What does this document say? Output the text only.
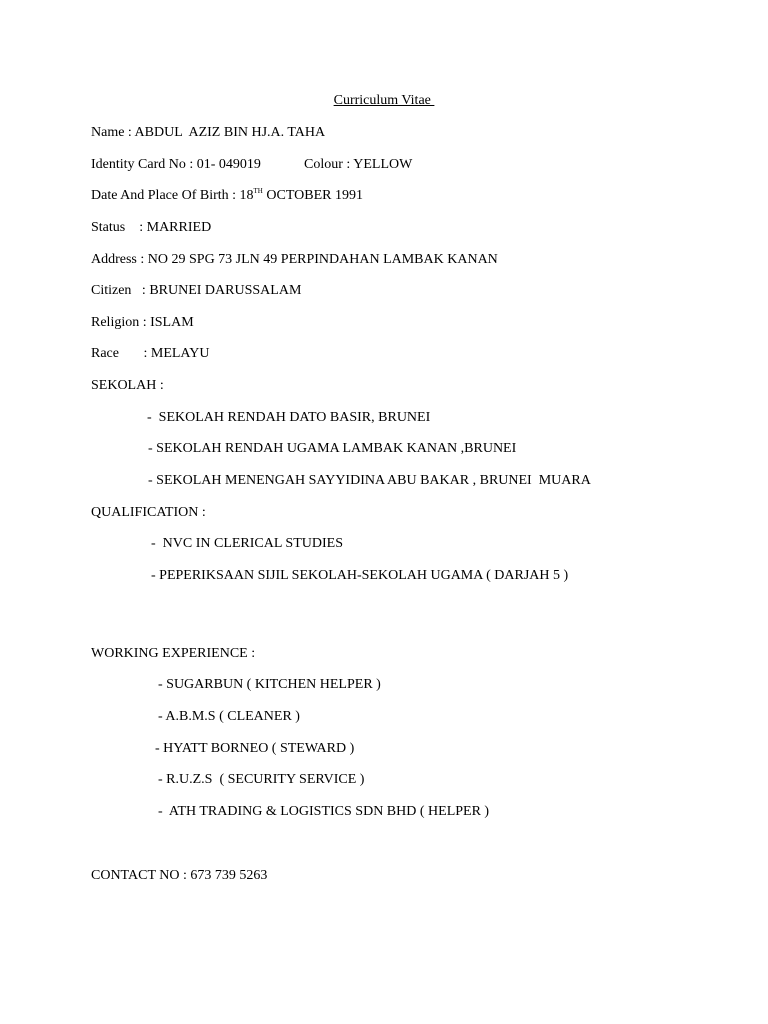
Curriculum Vitae
Name : ABDUL  AZIZ BIN HJ.A. TAHA
Identity Card No : 01- 049019	Colour : YELLOW
Date And Place Of Birth : 18TH OCTOBER 1991
Status    : MARRIED
Address : NO 29 SPG 73 JLN 49 PERPINDAHAN LAMBAK KANAN
Citizen   : BRUNEI DARUSSALAM
Religion : ISLAM
Race       : MELAYU
SEKOLAH :
-  SEKOLAH RENDAH DATO BASIR, BRUNEI
- SEKOLAH RENDAH UGAMA LAMBAK KANAN ,BRUNEI
- SEKOLAH MENENGAH SAYYIDINA ABU BAKAR , BRUNEI  MUARA
QUALIFICATION :
-  NVC IN CLERICAL STUDIES
- PEPERIKSAAN SIJIL SEKOLAH-SEKOLAH UGAMA ( DARJAH 5 )
WORKING EXPERIENCE :
- SUGARBUN ( KITCHEN HELPER )
- A.B.M.S ( CLEANER )
- HYATT BORNEO ( STEWARD )
- R.U.Z.S  ( SECURITY SERVICE )
-  ATH TRADING & LOGISTICS SDN BHD ( HELPER )
CONTACT NO : 673 739 5263
